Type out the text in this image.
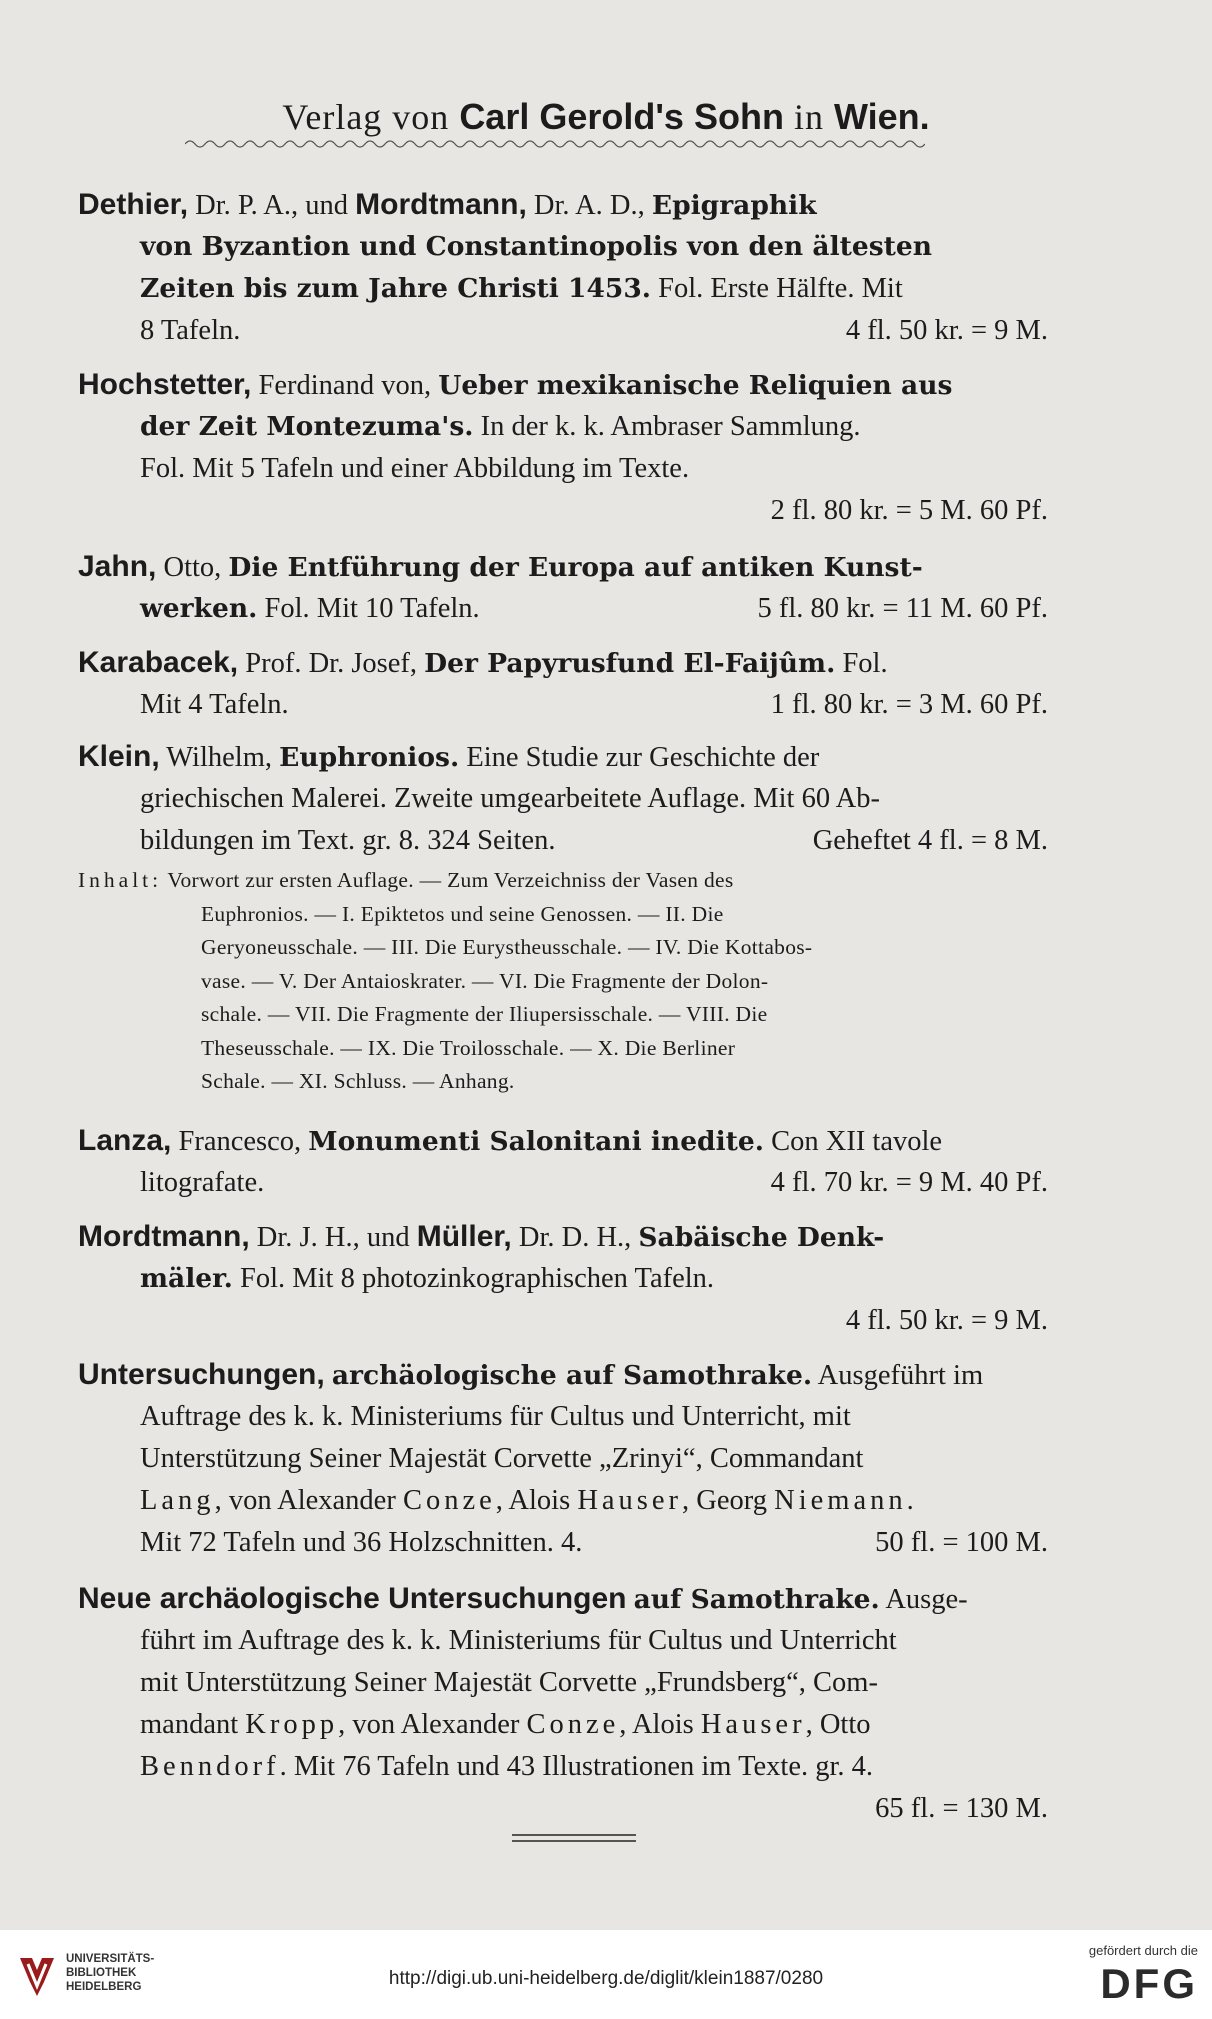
Verlag von Carl Gerold's Sohn in Wien.
Dethier, Dr. P. A., und Mordtmann, Dr. A. D., Epigraphik
von Byzantion und Constantinopolis von den ältesten
Zeiten bis zum Jahre Christi 1453. Fol. Erste Hälfte. Mit
8 Tafeln.	4 fl. 50 kr. = 9 M.
Hochstetter, Ferdinand von, Ueber mexikanische Reliquien aus
der Zeit Montezuma's. In der k. k. Ambraser Sammlung.
Fol. Mit 5 Tafeln und einer Abbildung im Texte.
2 fl. 80 kr. = 5 M. 60 Pf.
Jahn, Otto, Die Entführung der Europa auf antiken Kunst-
werken. Fol. Mit 10 Tafeln.	5 fl. 80 kr. = 11 M. 60 Pf.
Karabacek, Prof. Dr. Josef, Der Papyrusfund El-Faijûm. Fol.
Mit 4 Tafeln.	1 fl. 80 kr. = 3 M. 60 Pf.
Klein, Wilhelm, Euphronios. Eine Studie zur Geschichte der
griechischen Malerei. Zweite umgearbeitete Auflage. Mit 60 Ab-
bildungen im Text. gr. 8. 324 Seiten.	Geheftet 4 fl. = 8 M.
Inhalt: Vorwort zur ersten Auflage. — Zum Verzeichniss der Vasen des
Euphronios. — I. Epiktetos und seine Genossen. — II. Die
Geryoneusschale. — III. Die Eurystheusschale. — IV. Die Kottabos-
vase. — V. Der Antaioskrater. — VI. Die Fragmente der Dolon-
schale. — VII. Die Fragmente der Iliupersisschale. — VIII. Die
Theseusschale. — IX. Die Troilosschale. — X. Die Berliner
Schale. — XI. Schluss. — Anhang.
Lanza, Francesco, Monumenti Salonitani inedite. Con XII tavole
litografate.	4 fl. 70 kr. = 9 M. 40 Pf.
Mordtmann, Dr. J. H., und Müller, Dr. D. H., Sabäische Denk-
mäler. Fol. Mit 8 photozinkographischen Tafeln.
4 fl. 50 kr. = 9 M.
Untersuchungen, archäologische auf Samothrake. Ausgeführt im
Auftrage des k. k. Ministeriums für Cultus und Unterricht, mit
Unterstützung Seiner Majestät Corvette „Zrinyi“, Commandant
Lang, von Alexander Conze, Alois Hauser, Georg Niemann.
Mit 72 Tafeln und 36 Holzschnitten. 4.	50 fl. = 100 M.
Neue archäologische Untersuchungen auf Samothrake. Ausge-
führt im Auftrage des k. k. Ministeriums für Cultus und Unterricht
mit Unterstützung Seiner Majestät Corvette „Frundsberg“, Com-
mandant Kropp, von Alexander Conze, Alois Hauser, Otto
Benndorf. Mit 76 Tafeln und 43 Illustrationen im Texte. gr. 4.
65 fl. = 130 M.
UNIVERSITÄTS-
BIBLIOTHEK
HEIDELBERG	http://digi.ub.uni-heidelberg.de/diglit/klein1887/0280
gefördert durch die
DFG
